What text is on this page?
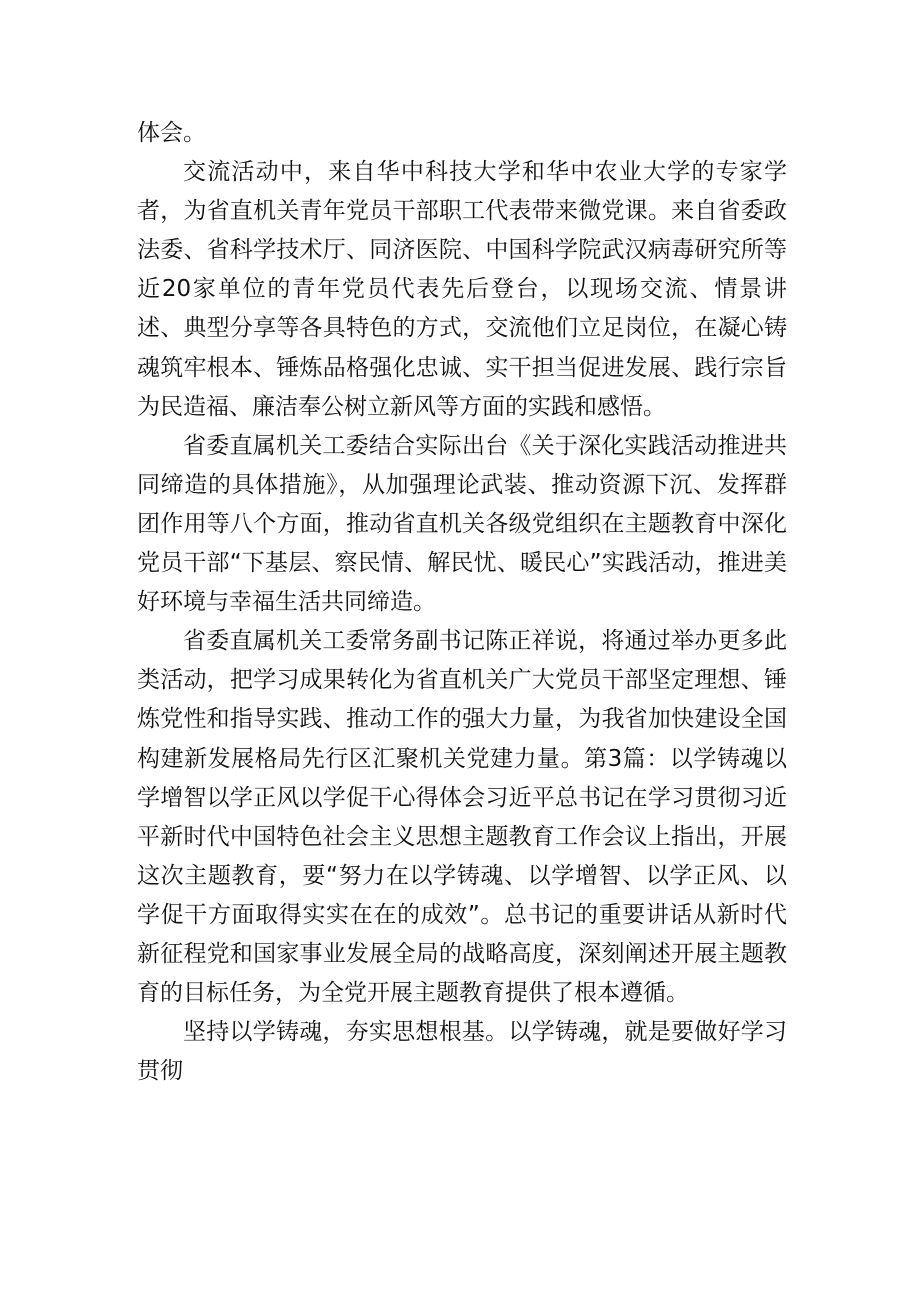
体会。

交流活动中，来自华中科技大学和华中农业大学的专家学者，为省直机关青年党员干部职工代表带来微党课。来自省委政法委、省科学技术厅、同济医院、中国科学院武汉病毒研究所等近20家单位的青年党员代表先后登台，以现场交流、情景讲述、典型分享等各具特色的方式，交流他们立足岗位，在凝心铸魂筑牢根本、锤炼品格强化忠诚、实干担当促进发展、践行宗旨为民造福、廉洁奉公树立新风等方面的实践和感悟。

省委直属机关工委结合实际出台《关于深化实践活动推进共同缔造的具体措施》，从加强理论武装、推动资源下沉、发挥群团作用等八个方面，推动省直机关各级党组织在主题教育中深化党员干部“下基层、察民情、解民忧、暖民心”实践活动，推进美好环境与幸福生活共同缔造。

省委直属机关工委常务副书记陈正祥说，将通过举办更多此类活动，把学习成果转化为省直机关广大党员干部坚定理想、锤炼党性和指导实践、推动工作的强大力量，为我省加快建设全国构建新发展格局先行区汇聚机关党建力量。第3篇：以学铸魂以学增智以学正风以学促干心得体会习近平总书记在学习贯彻习近平新时代中国特色社会主义思想主题教育工作会议上指出，开展这次主题教育，要“努力在以学铸魂、以学增智、以学正风、以学促干方面取得实实在在的成效”。总书记的重要讲话从新时代新征程党和国家事业发展全局的战略高度，深刻阐述开展主题教育的目标任务，为全党开展主题教育提供了根本遵循。

坚持以学铸魂，夯实思想根基。以学铸魂，就是要做好学习贯彻
